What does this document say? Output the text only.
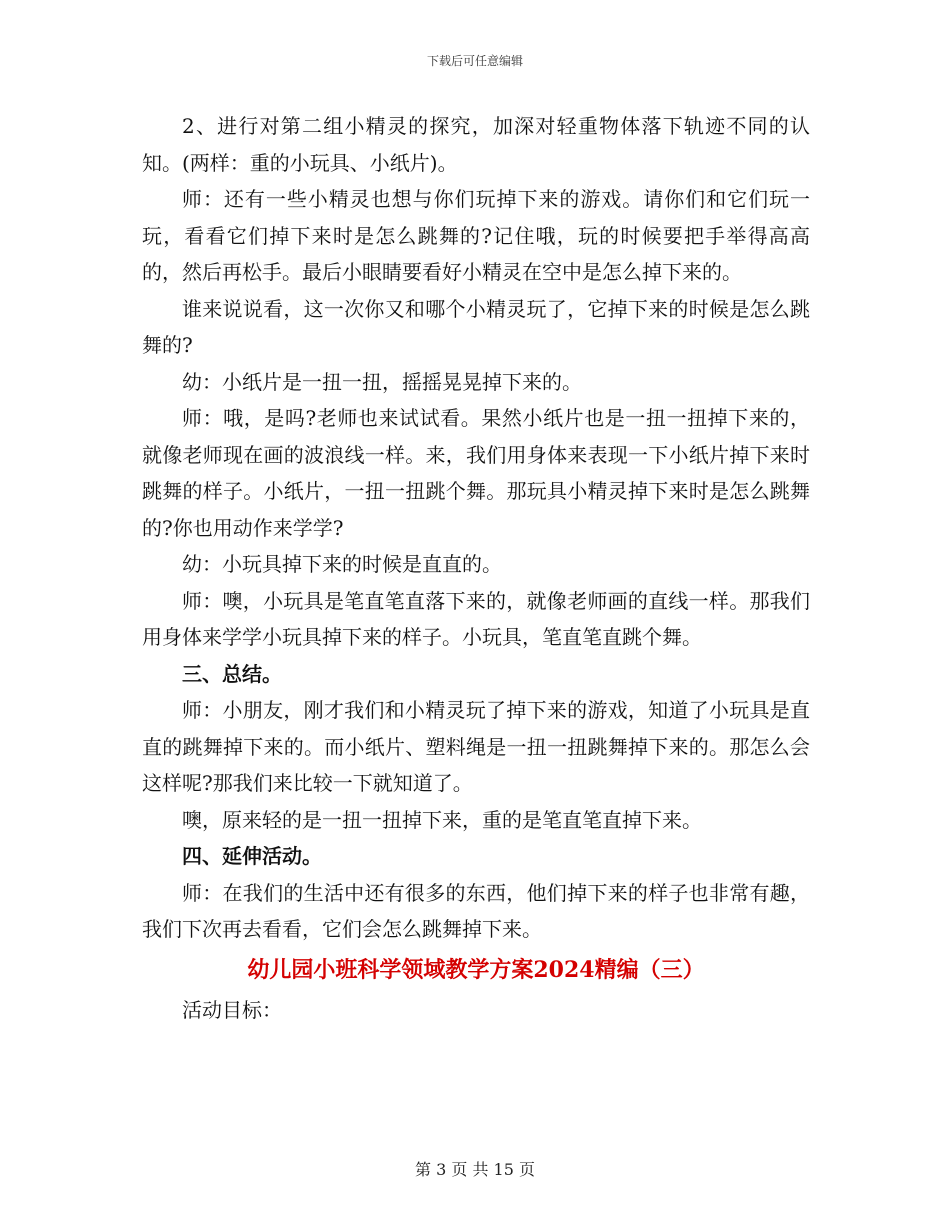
下载后可任意编辑

2、进行对第二组小精灵的探究，加深对轻重物体落下轨迹不同的认知。(两样：重的小玩具、小纸片)。

师：还有一些小精灵也想与你们玩掉下来的游戏。请你们和它们玩一玩，看看它们掉下来时是怎么跳舞的?记住哦，玩的时候要把手举得高高的，然后再松手。最后小眼睛要看好小精灵在空中是怎么掉下来的。

谁来说说看，这一次你又和哪个小精灵玩了，它掉下来的时候是怎么跳舞的?

幼：小纸片是一扭一扭，摇摇晃晃掉下来的。

师：哦，是吗?老师也来试试看。果然小纸片也是一扭一扭掉下来的，就像老师现在画的波浪线一样。来，我们用身体来表现一下小纸片掉下来时跳舞的样子。小纸片，一扭一扭跳个舞。那玩具小精灵掉下来时是怎么跳舞的?你也用动作来学学?

幼：小玩具掉下来的时候是直直的。

师：噢，小玩具是笔直笔直落下来的，就像老师画的直线一样。那我们用身体来学学小玩具掉下来的样子。小玩具，笔直笔直跳个舞。

三、总结。

师：小朋友，刚才我们和小精灵玩了掉下来的游戏，知道了小玩具是直直的跳舞掉下来的。而小纸片、塑料绳是一扭一扭跳舞掉下来的。那怎么会这样呢?那我们来比较一下就知道了。

噢，原来轻的是一扭一扭掉下来，重的是笔直笔直掉下来。

四、延伸活动。

师：在我们的生活中还有很多的东西，他们掉下来的样子也非常有趣，我们下次再去看看，它们会怎么跳舞掉下来。

幼儿园小班科学领域教学方案2024精编（三）

活动目标：

第 3 页 共 15 页
